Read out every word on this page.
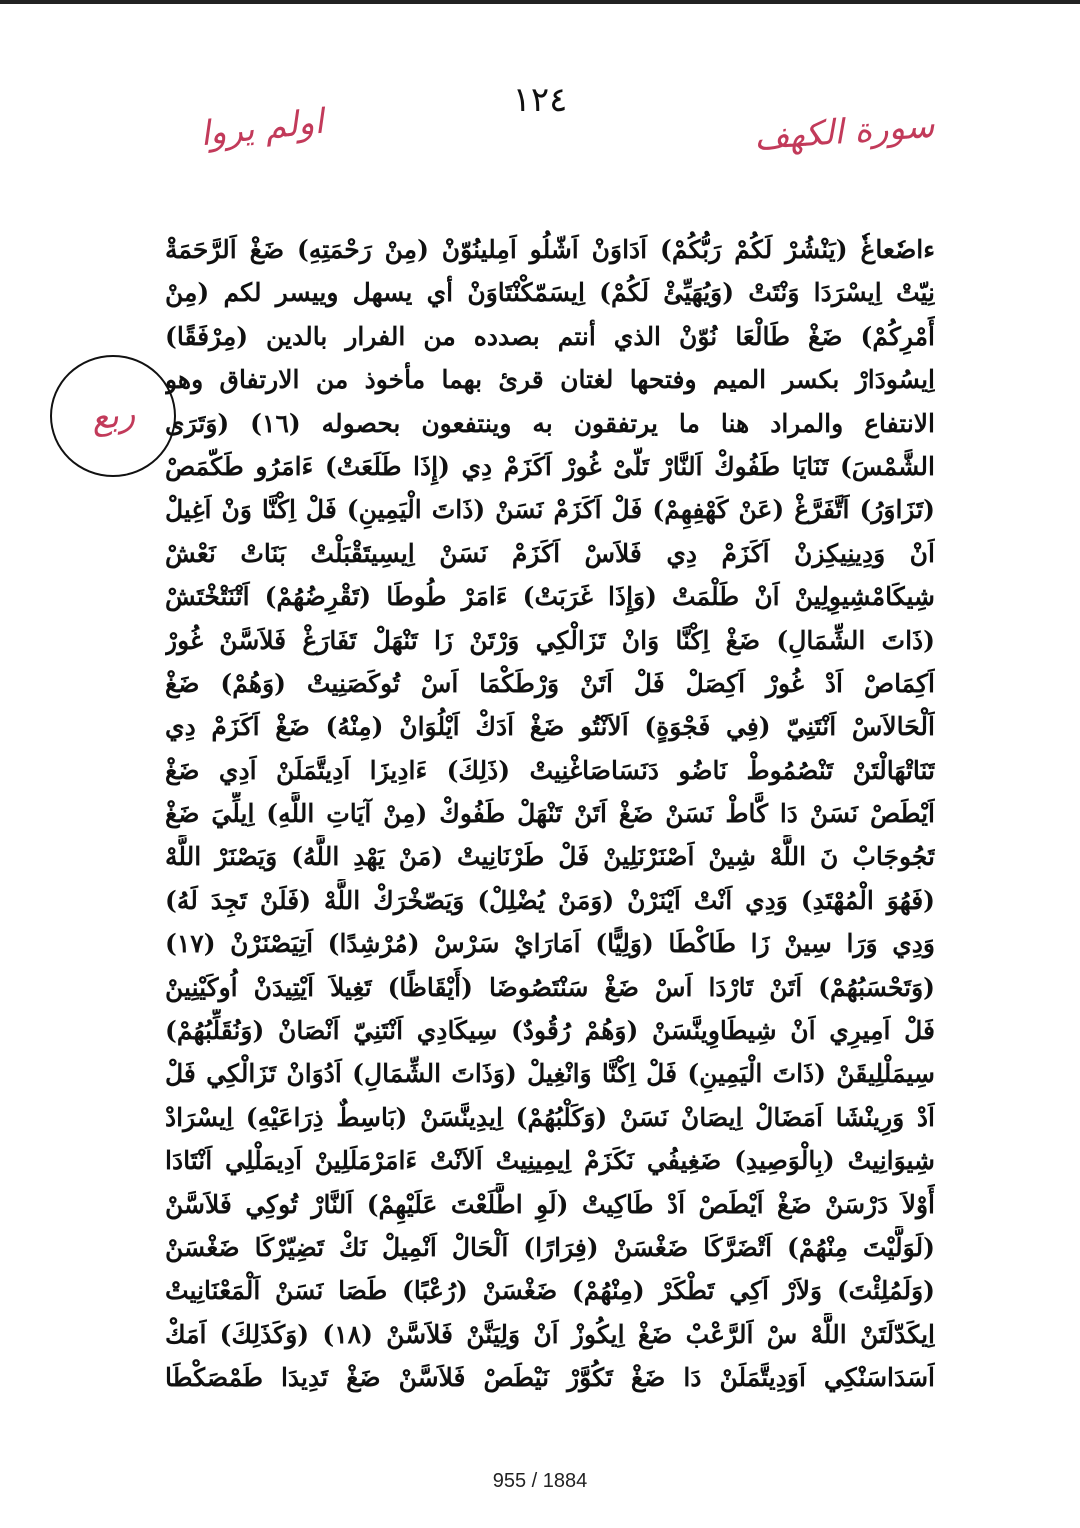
١٢٤
سورة الكهف
اولم يروا
ربع
ءاصٗعاغٗ (يَنْشُرْ لَكُمْ رَبُّكُمْ) اَدَاوَنْ اَشّلُو اَمِلينُوّنْ (مِنْ رَحْمَتِهِ) ضَغْ اَلرَّحَمَةْ
نِيّتْ اِيسْرَدَا وَنْتَتْ (وَيُهَيِّئْ لَكُمْ) اِيسَمّكْنْتَاوَنْ أي يسهل وييسر لكم (مِنْ
أَمْرِكُمْ) ضَغْ طَالْعَا نُوّنْ الذي أنتم بصدده من الفرار بالدين (مِرْفَقًا)
اِيسُودَارْ بكسر الميم وفتحها لغتان قرئ بهما مأخوذ من الارتفاق وهو
الانتفاع والمراد هنا ما يرتفقون به وينتفعون بحصوله (١٦) (وَتَرَى
الشَّمْسَ) تَنَايَا طَفُوكْ اَلنَّارْ تَلّىْ غُورْ اَكَزَمْ دِي (إِذَا طَلَعَتْ) ءَامَرُو طَكّمَصْ
(تَزَاوَرُ) اَتَّفَرَّغْ (عَنْ كَهْفِهِمْ) فَلْ اَكَزَمْ نَسَنْ (ذَاتَ الْيَمِينِ) فَلْ اِكْنَّا وَنْ اَغِيلْ
اَنْ وَدِينِيكِزنْ اَكَزَمْ دِي فَلاَسْ اَكَزَمْ نَسَنْ اِيسِيتَقْبَلْتْ بَنَاتْ نَعْشْ
شِيكَامْشِيوِلِينْ اَنْ طَلْمَتْ (وَإِذَا غَرَبَتْ) ءَامَرْ طُوطَا (تَقْرِضُهُمْ) اَتْنَتْخْتَشْ
(ذَاتَ الشِّمَالِ) ضَغْ اِكْنَّا وَانْ تَزَالْكِي وَرْتَنْ زَا تَنْهَلْ تَفَارَغْ فَلاَسَّنْ غُورْ
اَكِمَاصْ اَدْ غُورْ اَكِصَلْ فَلْ اَتَنْ وَرْطَكْمَا اَسْ تُوكَصَنِيتْ (وَهُمْ) ضَغْ
اَلْحَالاَسْ اَنْتَنِيّ (فِي فَجْوَةٍ) اَلاَنْتُو ضَغْ اَدَكْ اَيْلُوَانْ (مِنْهُ) ضَغْ اَكَزَمْ دِي
تَنَاتْهَالْتَنْ تَنْصُمُوطْ نَاضُو دَنَسَاصَاغْنِيتْ (ذَلِكَ) ءَادِيزَا اَدِيتَّمَلَنْ اَدِي ضَغْ
اَيْطَصْ نَسَنْ دَا كَّاطْ نَسَنْ ضَغْ اَتَنْ تَنْهَلْ طَفُوكْ (مِنْ آيَاتِ اللَّهِ) اِيلِّيَ ضَغْ
تَجُوجَابْ نَ اللَّهْ شِينْ اَصْنَرْنَلِينْ فَلْ طَرْنَانِيتْ (مَنْ يَهْدِ اللَّهُ) وَيَصْنَرْ اللَّهْ
(فَهُوَ الْمُهْتَدِ) وَدِي اَنْتْ اَيْنَرْنْ (وَمَنْ يُضْلِلْ) وَيَصّخْرَكْ اللَّهْ (فَلَنْ تَجِدَ لَهُ)
وَدِي وَرَا سِينْ زَا طَاكْطَا (وَلِيًّا) اَمَارَايْ سَرْسْ (مُرْشِدًا) اَتِيَصْنَرْنْ (١٧)
(وَتَحْسَبُهُمْ) اَتَنْ تَارْدَا اَسْ ضَغْ سَنْتَصُوضَا (أَيْقَاظًا) تَغِيلاَ اَيْتِيدَنْ اُوكَيْنِينْ
فَلْ اَمِيرِي اَنْ شِيطَاوِينَّسَنْ (وَهُمْ رُقُودٌ) سِيكَادِي اَنْتَنِيّ اَنْصَانْ (وَنُقَلِّبُهُمْ)
سِيمَلْلِيقَنْ (ذَاتَ الْيَمِينِ) فَلْ اِكْنَّا وَانْغِيلْ (وَذَاتَ الشِّمَالِ) اَدُوَانْ تَزَالْكِي فَلْ
اَدْ وَرِينْشَا اَمَضَالْ اِيصَانْ نَسَنْ (وَكَلْبُهُمْ) اِيدِينَّسَنْ (بَاسِطٌ ذِرَاعَيْهِ) اِيسْرَادْ
شِيوَانِيتْ (بِالْوَصِيدِ) ضَغِيفُي نَكَزَمْ اِيمِينِيتْ اَلاَنْتْ ءَامَرْمَلَلِينْ اَدِيمَلْلِي اَنْتَادَا
أَوْلاَ دَرْسَنْ ضَغْ اَيْطَصْ اَدْ طَاكِيتْ (لَوِ اطَّلَعْتَ عَلَيْهِمْ) اَلنَّارْ تُوكِي فَلاَسَّنْ
(لَوَلَّيْتَ مِنْهُمْ) اَتْضَرَّكَا ضَغْسَنْ (فِرَارًا) اَلْحَالْ اَنْمِيلْ نَكْ تَضِيّرْكَا ضَغْسَنْ
(وَلَمُلِئْتَ) وَلاَرْ اَكِي تَطْكَرْ (مِنْهُمْ) ضَغْسَنْ (رُعْبًا) طَصَا نَسَنْ اَلْمَعْنَانِيتْ
اِيكَدّلَتَنْ اللَّهْ سْ اَلرَّعْبْ ضَغْ اِيكُوزْ اَنْ وَلِيَنَّنْ فَلاَسَّنْ (١٨) (وَكَذَلِكَ) اَمَكْ
اَسَدَاسَنْكِي اَوَدِيتَّمَلَنْ دَا ضَغْ تَكُوَّرْ نَيْطَصْ فَلاَسَّنْ ضَغْ تَدِيدَا طَمْصَكْطَا
955 / 1884
